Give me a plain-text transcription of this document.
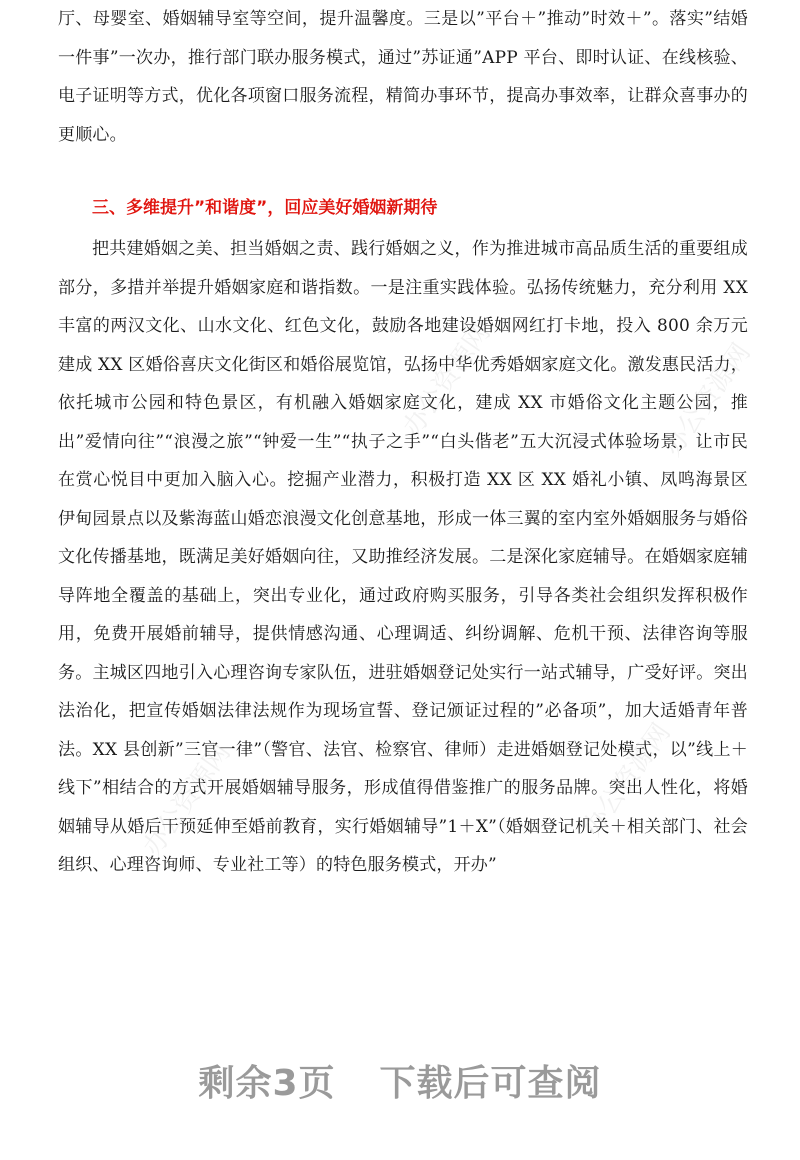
厅、母婴室、婚姻辅导室等空间，提升温馨度。三是以”平台＋”推动”时效＋”。落实”结婚一件事”一次办，推行部门联办服务模式，通过”苏证通”APP 平台、即时认证、在线核验、电子证明等方式，优化各项窗口服务流程，精简办事环节，提高办事效率，让群众喜事办的更顺心。
三、多维提升”和谐度”，回应美好婚姻新期待
把共建婚姻之美、担当婚姻之责、践行婚姻之义，作为推进城市高品质生活的重要组成部分，多措并举提升婚姻家庭和谐指数。一是注重实践体验。弘扬传统魅力，充分利用 XX 丰富的两汉文化、山水文化、红色文化，鼓励各地建设婚姻网红打卡地，投入 800 余万元建成 XX 区婚俗喜庆文化街区和婚俗展览馆，弘扬中华优秀婚姻家庭文化。激发惠民活力，依托城市公园和特色景区，有机融入婚姻家庭文化，建成 XX 市婚俗文化主题公园，推出”爱情向往”“浪漫之旅”“钟爱一生”“执子之手”“白头偕老”五大沉浸式体验场景，让市民在赏心悦目中更加入脑入心。挖掘产业潜力，积极打造 XX 区 XX 婚礼小镇、凤鸣海景区伊甸园景点以及紫海蓝山婚恋浪漫文化创意基地，形成一体三翼的室内室外婚姻服务与婚俗文化传播基地，既满足美好婚姻向往，又助推经济发展。二是深化家庭辅导。在婚姻家庭辅导阵地全覆盖的基础上，突出专业化，通过政府购买服务，引导各类社会组织发挥积极作用，免费开展婚前辅导，提供情感沟通、心理调适、纠纷调解、危机干预、法律咨询等服务。主城区四地引入心理咨询专家队伍，进驻婚姻登记处实行一站式辅导，广受好评。突出法治化，把宣传婚姻法律法规作为现场宣誓、登记颁证过程的”必备项”，加大适婚青年普法。XX 县创新”三官一律”（警官、法官、检察官、律师）走进婚姻登记处模式，以”线上＋线下”相结合的方式开展婚姻辅导服务，形成值得借鉴推广的服务品牌。突出人性化，将婚姻辅导从婚后干预延伸至婚前教育，实行婚姻辅导”1＋X”（婚姻登记机关＋相关部门、社会组织、心理咨询师、专业社工等）的特色服务模式，开办”
办公资源网	办公资源网
办公资源网	办公资源网
剩余3页 下载后可查阅
